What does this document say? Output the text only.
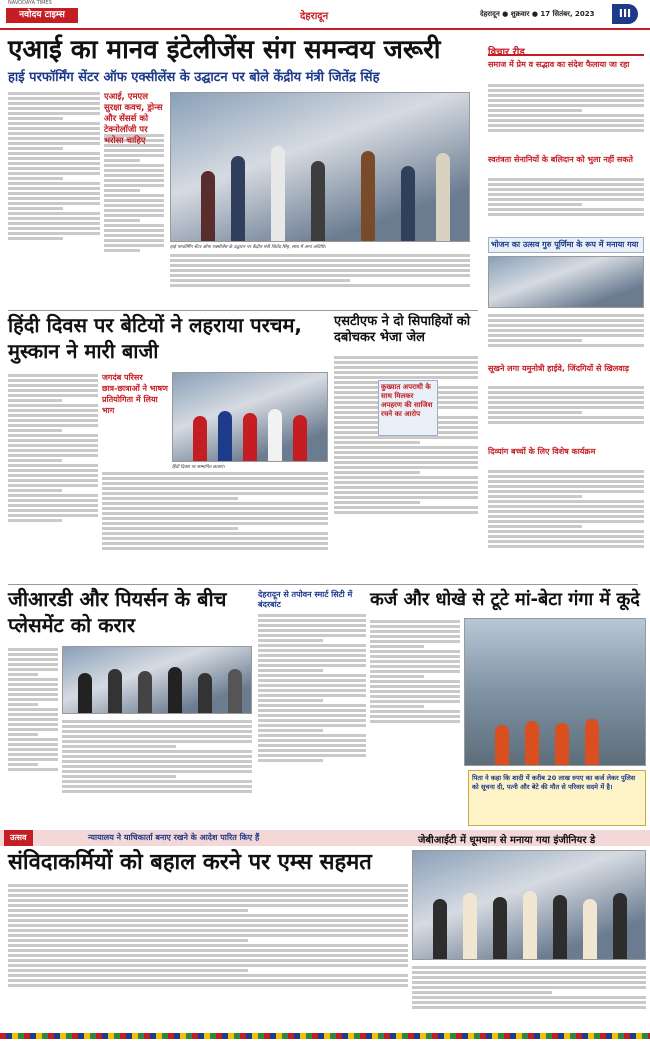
NAVODAYA TIMES
नवोदय टाइम्स	देहरादून	देहरादून ● शुक्रवार ● 17 सितंबर, 2023	III
एआई का मानव इंटेलीजेंस संग समन्वय जरूरी
हाई परफॉर्मिंग सेंटर ऑफ एक्सीलेंस के उद्घाटन पर बोले केंद्रीय मंत्री जितेंद्र सिंह
एआई, एमएल सुरक्षा कवच, ड्रोन्स और सेंसर्स को टेक्नोलॉजी पर भरोसा चाहिए
हाई परफॉर्मिंग सेंटर ऑफ एक्सीलेंस के उद्घाटन पर केंद्रीय मंत्री जितेंद्र सिंह, साथ में अन्य अतिथि।
विचार रीड
समाज में प्रेम व सद्भाव का संदेश फैलाया जा रहा
स्वतंत्रता सेनानियों के बलिदान को भुला नहीं सकते
भोजन का उत्सव गुरु पूर्णिमा के रूप में मनाया गया
सूखने लगा यमुनोत्री हाईवे, जिंदगियों से खिलवाड़
दिव्यांग बच्चों के लिए विशेष कार्यक्रम
हिंदी दिवस पर बेटियों ने लहराया परचम, मुस्कान ने मारी बाजी
जगदंब परिसर
छात्र-छात्राओं ने भाषण प्रतियोगिता में लिया भाग
हिंदी दिवस पर सम्मानित छात्राएं।
एसटीएफ ने दो सिपाहियों को दबोचकर भेजा जेल
कुख्यात अपराधी के साथ मिलकर अपहरण की साजिश रचने का आरोप
जीआरडी और पियर्सन के बीच प्लेसमेंट को करार
देहरादून से तपोवन स्मार्ट सिटी में बंदरबांट	कर्ज और धोखे से टूटे मां-बेटा गंगा में कूदे
पिता ने कहा कि शादी में करीब 20 लाख रुपए का कर्ज लेकर पुलिस को सूचना दी, पत्नी और बेटे की मौत से परिवार सदमे में है।
उत्सव	न्यायालय ने याचिकार्ता बनाए रखने के आदेश पारित किए हैं	जेबीआईटी में धूमधाम से मनाया गया इंजीनियर डे
संविदाकर्मियों को बहाल करने पर एम्स सहमत
